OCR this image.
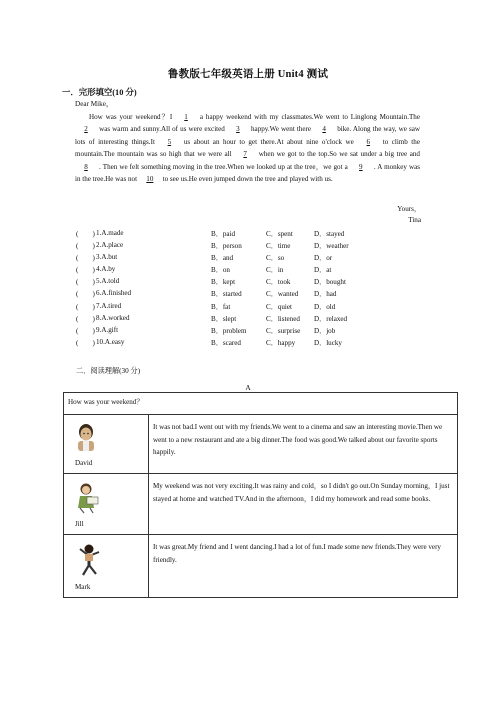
鲁教版七年级英语上册 Unit4 测试
一．完形填空(10 分)
Dear Mike，
How was your weekend？I 1 a happy weekend with my classmates.We went to Linglong Mountain.The 2 was warm and sunny.All of us were excited 3 happy.We went there 4 bike. Along the way, we saw lots of interesting things.It 5 us about an hour to get there.At about nine o'clock we 6 to climb the mountain.The mountain was so high that we were all 7 when we got to the top.So we sat under a big tree and 8 . Then we felt something moving in the tree.When we looked up at the tree，we got a 9 . A monkey was in the tree.He was not 10 to see us.He even jumped down the tree and played with us.
Yours，
Tina
(　　) 1.A.made	B．paid	C．spent	D．stayed
(　　) 2.A.place	B．person	C．time	D．weather
(　　) 3.A.but	B．and	C．so	D．or
(　　) 4.A.by	B．on	C．in	D．at
(　　) 5.A.told	B．kept	C．took	D．bought
(　　) 6.A.finished	B．started	C．wanted D．had
(　　) 7.A.tired	B．fat	C．quiet	D．old
(　　) 8.A.worked	B．slept	C．listened D．relaxed
(　　) 9.A.gift	B．problem	C．surprise D．job
(　　) 10.A.easy	B．scared	C．happy	D．lucky
二．阅读理解(30 分)
A
How was your weekend？	

David	It was not bad.I went out with my friends.We went to a cinema and saw an interesting movie.Then we went to a new restaurant and ate a big dinner.The food was good.We talked about our favorite sports happily.

Jill	My weekend was not very exciting.It was rainy and cold，so I didn't go out.On Sunday morning，I just stayed at home and watched TV.And in the afternoon，I did my homework and read some books.

Mark	It was great.My friend and I went dancing.I had a lot of fun.I made some new friends.They were very friendly.
